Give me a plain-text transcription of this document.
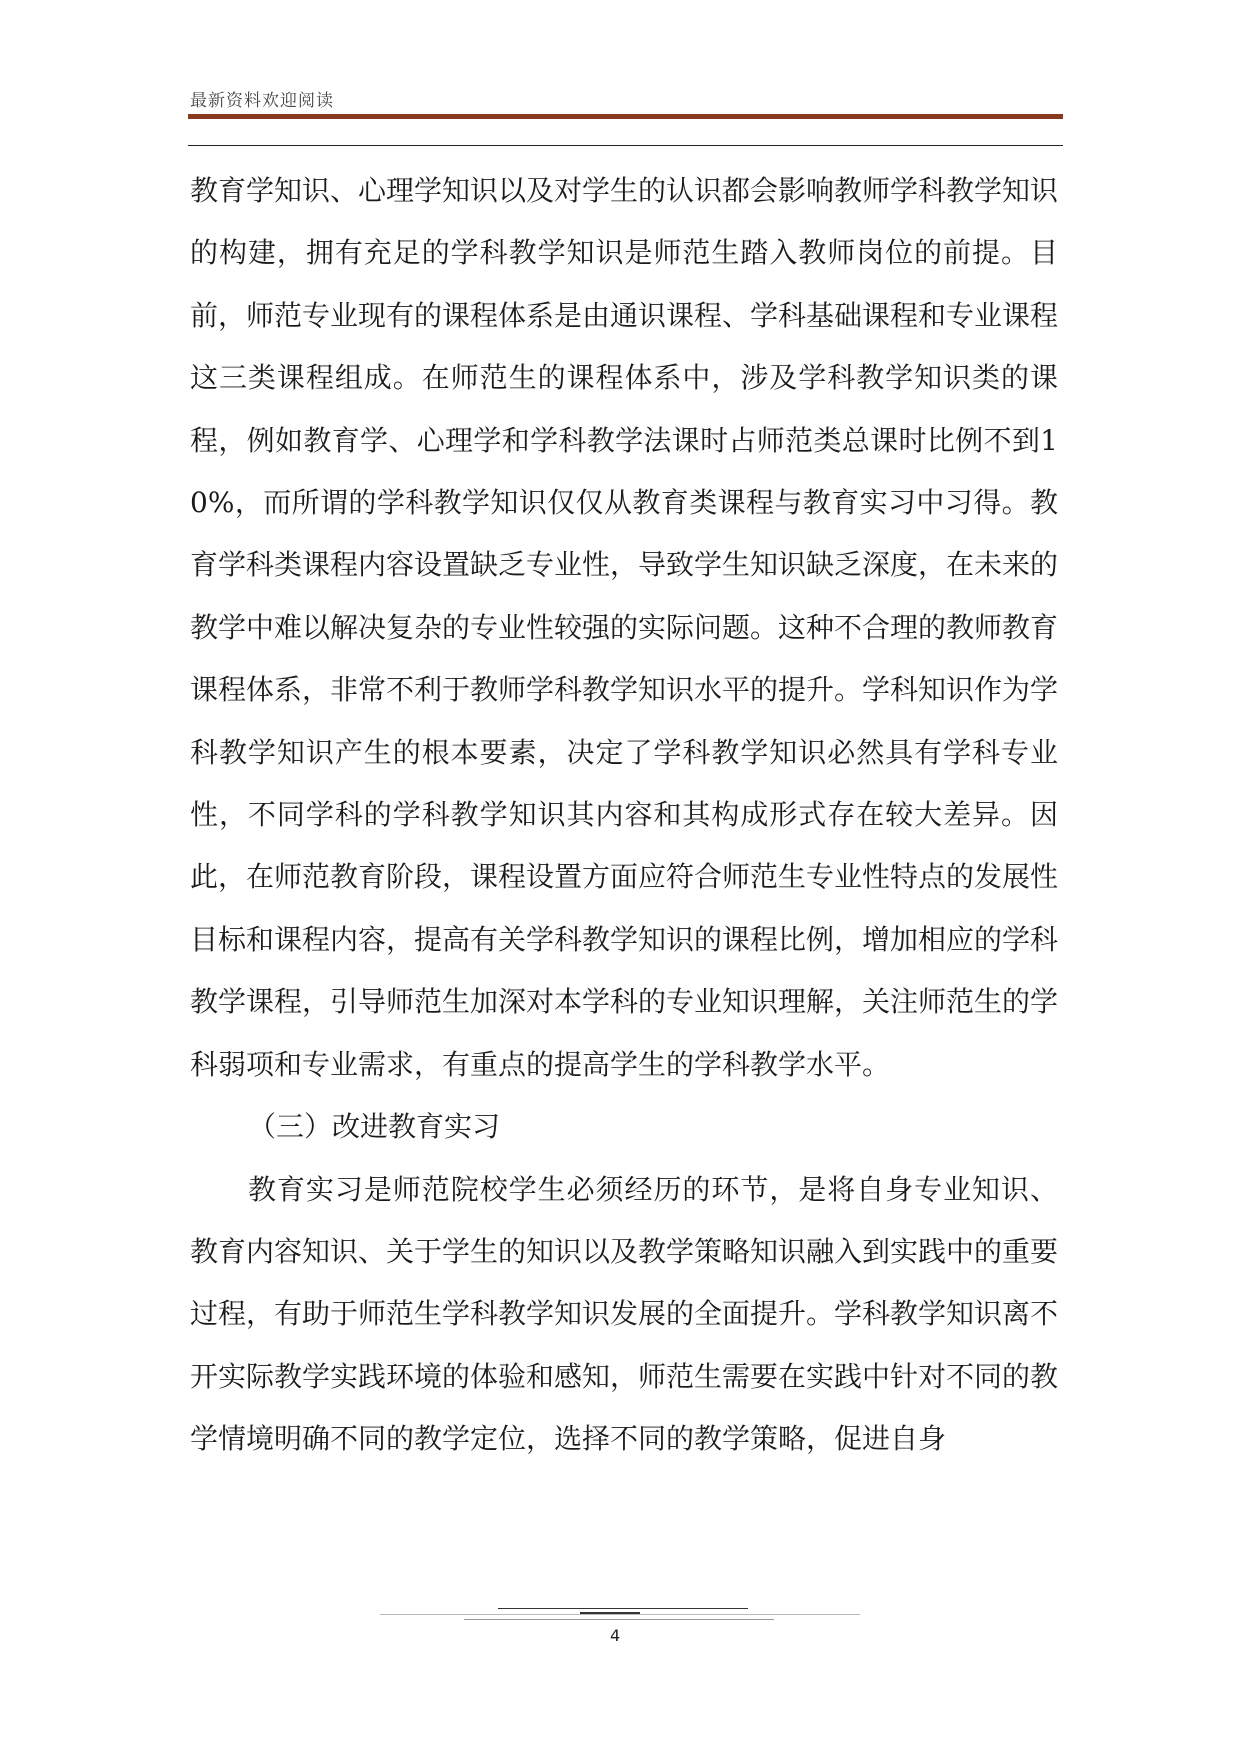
最新资料欢迎阅读

教育学知识、心理学知识以及对学生的认识都会影响教师学科教学知识的构建，拥有充足的学科教学知识是师范生踏入教师岗位的前提。目前，师范专业现有的课程体系是由通识课程、学科基础课程和专业课程这三类课程组成。在师范生的课程体系中，涉及学科教学知识类的课程，例如教育学、心理学和学科教学法课时占师范类总课时比例不到10%，而所谓的学科教学知识仅仅从教育类课程与教育实习中习得。教育学科类课程内容设置缺乏专业性，导致学生知识缺乏深度，在未来的教学中难以解决复杂的专业性较强的实际问题。这种不合理的教师教育课程体系，非常不利于教师学科教学知识水平的提升。学科知识作为学科教学知识产生的根本要素，决定了学科教学知识必然具有学科专业性，不同学科的学科教学知识其内容和其构成形式存在较大差异。因此，在师范教育阶段，课程设置方面应符合师范生专业性特点的发展性目标和课程内容，提高有关学科教学知识的课程比例，增加相应的学科教学课程，引导师范生加深对本学科的专业知识理解，关注师范生的学科弱项和专业需求，有重点的提高学生的学科教学水平。

（三）改进教育实习

教育实习是师范院校学生必须经历的环节，是将自身专业知识、教育内容知识、关于学生的知识以及教学策略知识融入到实践中的重要过程，有助于师范生学科教学知识发展的全面提升。学科教学知识离不开实际教学实践环境的体验和感知，师范生需要在实践中针对不同的教学情境明确不同的教学定位，选择不同的教学策略，促进自身

4
